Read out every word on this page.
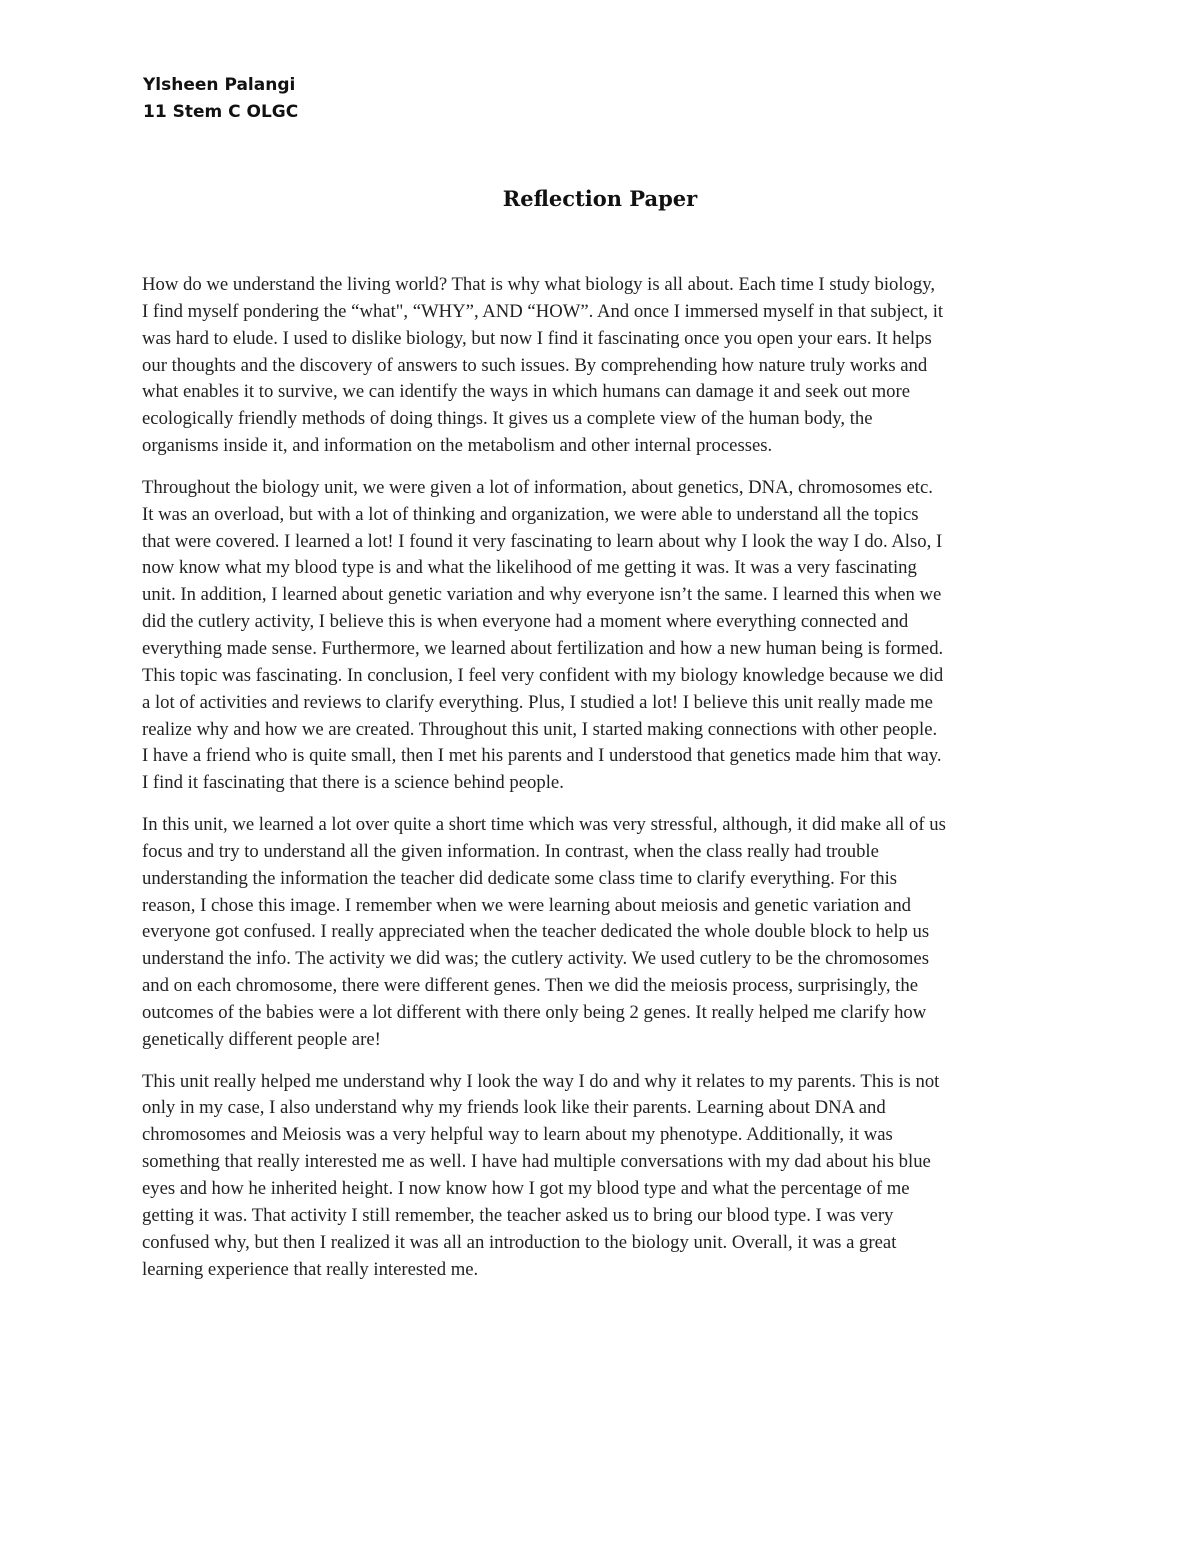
Ylsheen Palangi
11 Stem C OLGC
Reflection Paper

How do we understand the living world? That is why what biology is all about. Each time I study biology,
I find myself pondering the “what", “WHY”, AND “HOW”. And once I immersed myself in that subject, it
was hard to elude. I used to dislike biology, but now I find it fascinating once you open your ears. It helps
our thoughts and the discovery of answers to such issues. By comprehending how nature truly works and
what enables it to survive, we can identify the ways in which humans can damage it and seek out more
ecologically friendly methods of doing things. It gives us a complete view of the human body, the
organisms inside it, and information on the metabolism and other internal processes.

Throughout the biology unit, we were given a lot of information, about genetics, DNA, chromosomes etc.
It was an overload, but with a lot of thinking and organization, we were able to understand all the topics
that were covered. I learned a lot! I found it very fascinating to learn about why I look the way I do. Also, I
now know what my blood type is and what the likelihood of me getting it was. It was a very fascinating
unit. In addition, I learned about genetic variation and why everyone isn’t the same. I learned this when we
did the cutlery activity, I believe this is when everyone had a moment where everything connected and
everything made sense. Furthermore, we learned about fertilization and how a new human being is formed.
This topic was fascinating. In conclusion, I feel very confident with my biology knowledge because we did
a lot of activities and reviews to clarify everything. Plus, I studied a lot! I believe this unit really made me
realize why and how we are created. Throughout this unit, I started making connections with other people.
I have a friend who is quite small, then I met his parents and I understood that genetics made him that way.
I find it fascinating that there is a science behind people.

In this unit, we learned a lot over quite a short time which was very stressful, although, it did make all of us
focus and try to understand all the given information. In contrast, when the class really had trouble
understanding the information the teacher did dedicate some class time to clarify everything. For this
reason, I chose this image. I remember when we were learning about meiosis and genetic variation and
everyone got confused. I really appreciated when the teacher dedicated the whole double block to help us
understand the info. The activity we did was; the cutlery activity. We used cutlery to be the chromosomes
and on each chromosome, there were different genes. Then we did the meiosis process, surprisingly, the
outcomes of the babies were a lot different with there only being 2 genes. It really helped me clarify how
genetically different people are!

This unit really helped me understand why I look the way I do and why it relates to my parents. This is not
only in my case, I also understand why my friends look like their parents. Learning about DNA and
chromosomes and Meiosis was a very helpful way to learn about my phenotype. Additionally, it was
something that really interested me as well. I have had multiple conversations with my dad about his blue
eyes and how he inherited height. I now know how I got my blood type and what the percentage of me
getting it was. That activity I still remember, the teacher asked us to bring our blood type. I was very
confused why, but then I realized it was all an introduction to the biology unit. Overall, it was a great
learning experience that really interested me.
